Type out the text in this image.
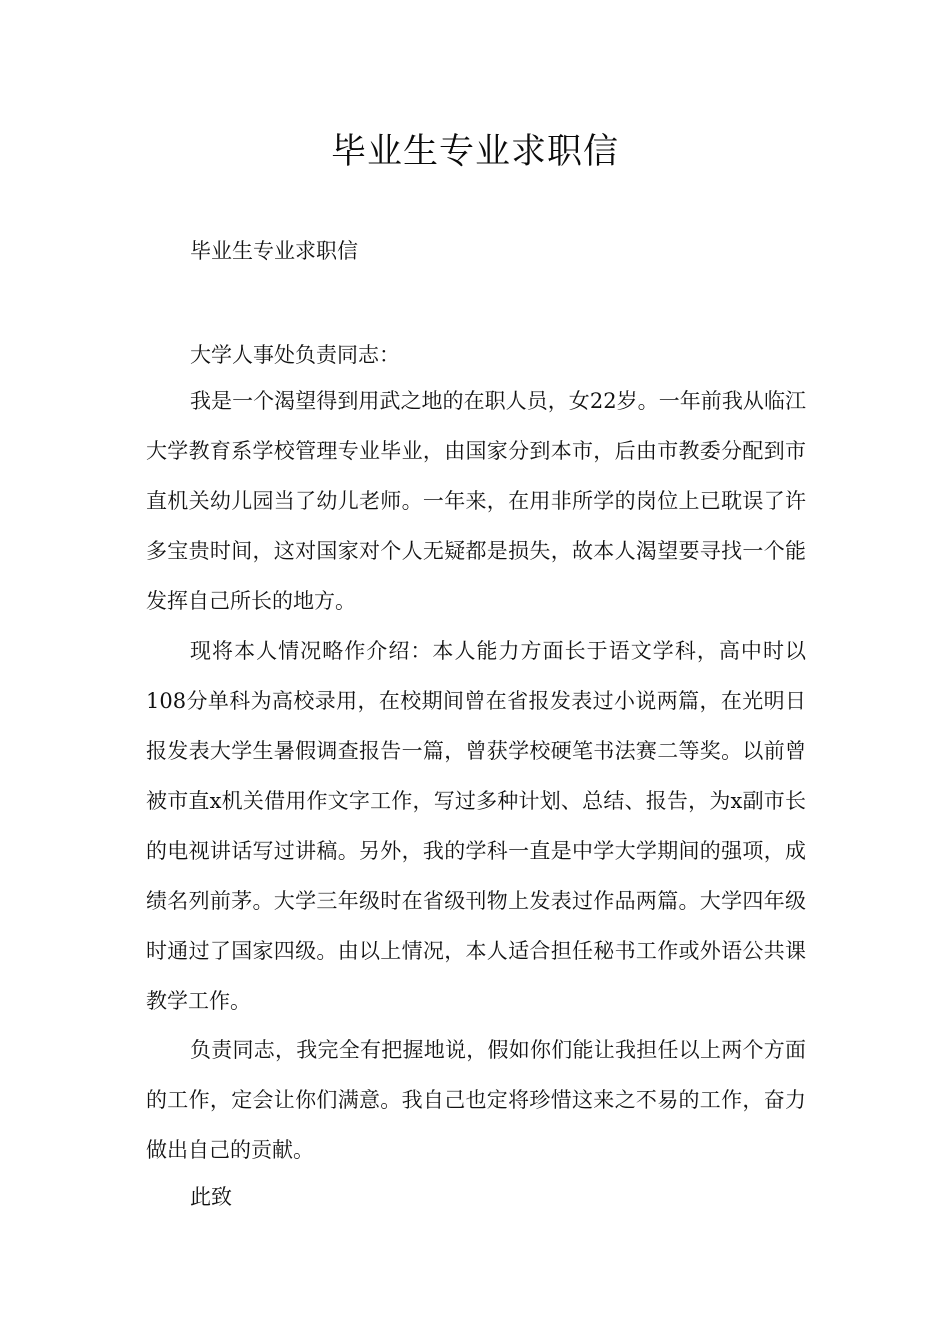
毕业生专业求职信

毕业生专业求职信

大学人事处负责同志：

我是一个渴望得到用武之地的在职人员，女22岁。一年前我从临江大学教育系学校管理专业毕业，由国家分到本市，后由市教委分配到市直机关幼儿园当了幼儿老师。一年来，在用非所学的岗位上已耽误了许多宝贵时间，这对国家对个人无疑都是损失，故本人渴望要寻找一个能发挥自己所长的地方。

现将本人情况略作介绍：本人能力方面长于语文学科，高中时以108分单科为高校录用，在校期间曾在省报发表过小说两篇，在光明日报发表大学生暑假调查报告一篇，曾获学校硬笔书法赛二等奖。以前曾被市直x机关借用作文字工作，写过多种计划、总结、报告，为x副市长的电视讲话写过讲稿。另外，我的学科一直是中学大学期间的强项，成绩名列前茅。大学三年级时在省级刊物上发表过作品两篇。大学四年级时通过了国家四级。由以上情况，本人适合担任秘书工作或外语公共课教学工作。

负责同志，我完全有把握地说，假如你们能让我担任以上两个方面的工作，定会让你们满意。我自己也定将珍惜这来之不易的工作，奋力做出自己的贡献。

此致
